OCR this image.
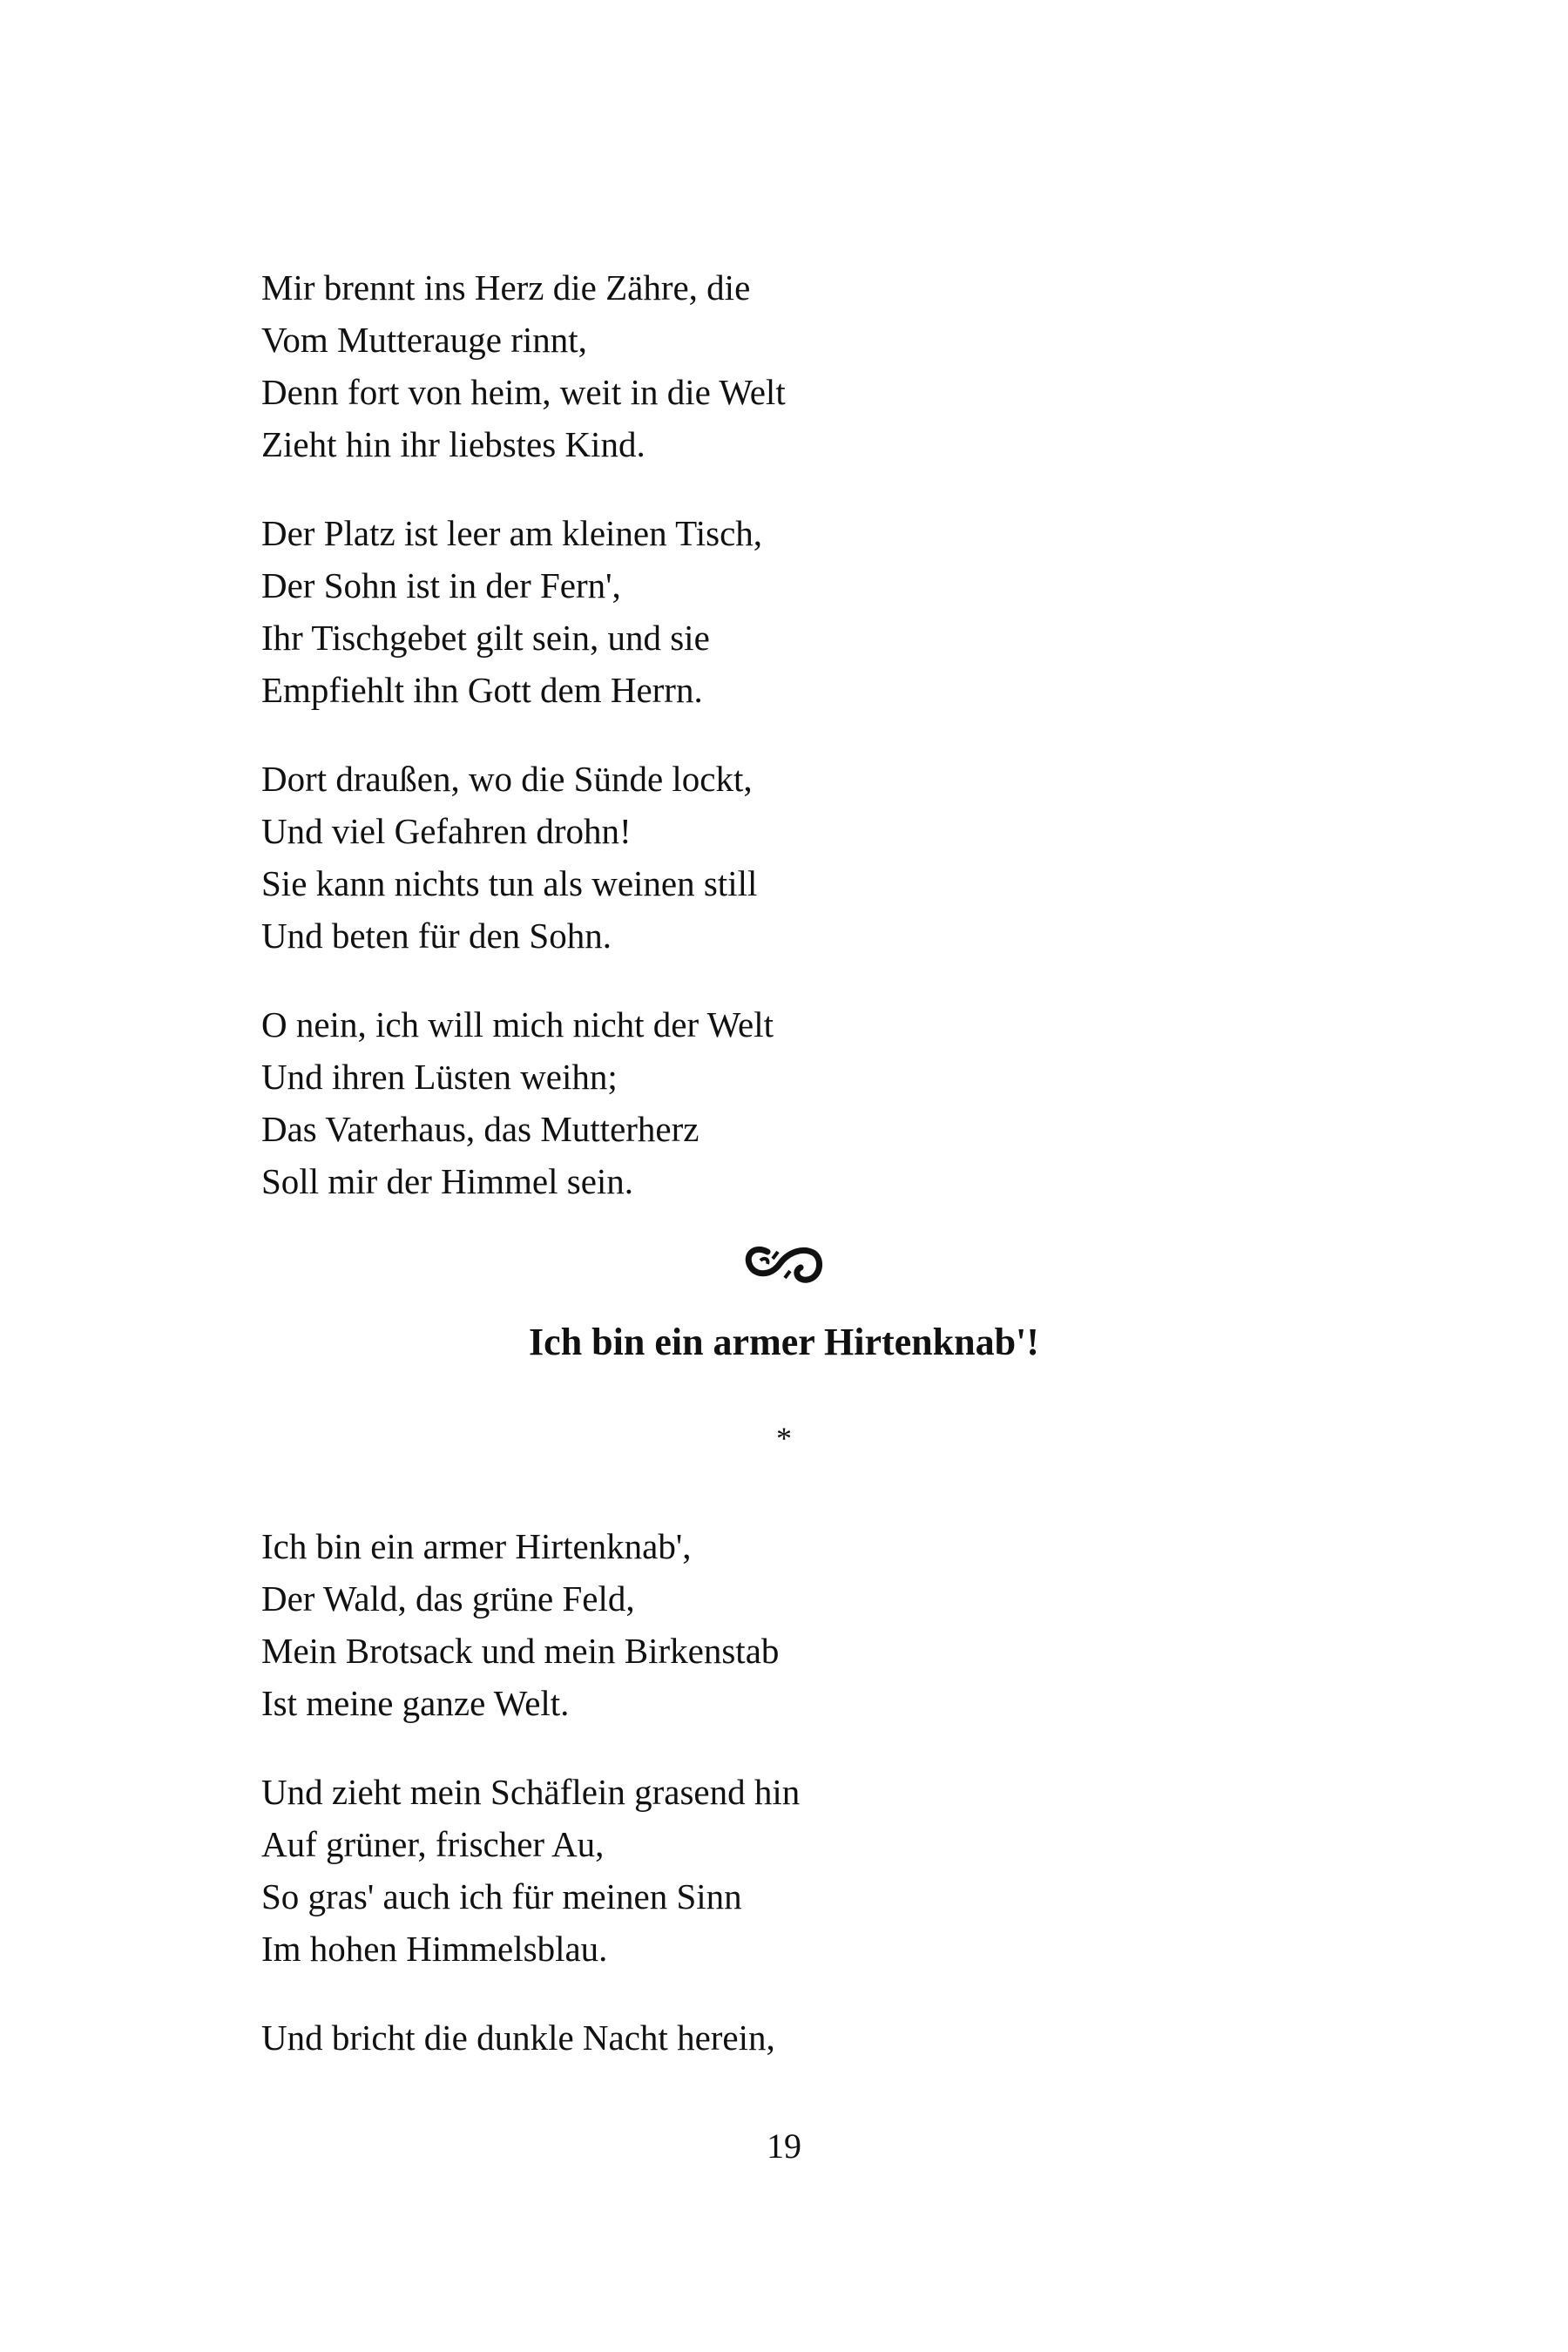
Mir brennt ins Herz die Zähre, die
Vom Mutterauge rinnt,
Denn fort von heim, weit in die Welt
Zieht hin ihr liebstes Kind.
Der Platz ist leer am kleinen Tisch,
Der Sohn ist in der Fern',
Ihr Tischgebet gilt sein, und sie
Empfiehlt ihn Gott dem Herrn.
Dort draußen, wo die Sünde lockt,
Und viel Gefahren drohn!
Sie kann nichts tun als weinen still
Und beten für den Sohn.
O nein, ich will mich nicht der Welt
Und ihren Lüsten weihn;
Das Vaterhaus, das Mutterherz
Soll mir der Himmel sein.
Ich bin ein armer Hirtenknab'!
*
Ich bin ein armer Hirtenknab',
Der Wald, das grüne Feld,
Mein Brotsack und mein Birkenstab
Ist meine ganze Welt.
Und zieht mein Schäflein grasend hin
Auf grüner, frischer Au,
So gras' auch ich für meinen Sinn
Im hohen Himmelsblau.
Und bricht die dunkle Nacht herein,
19
